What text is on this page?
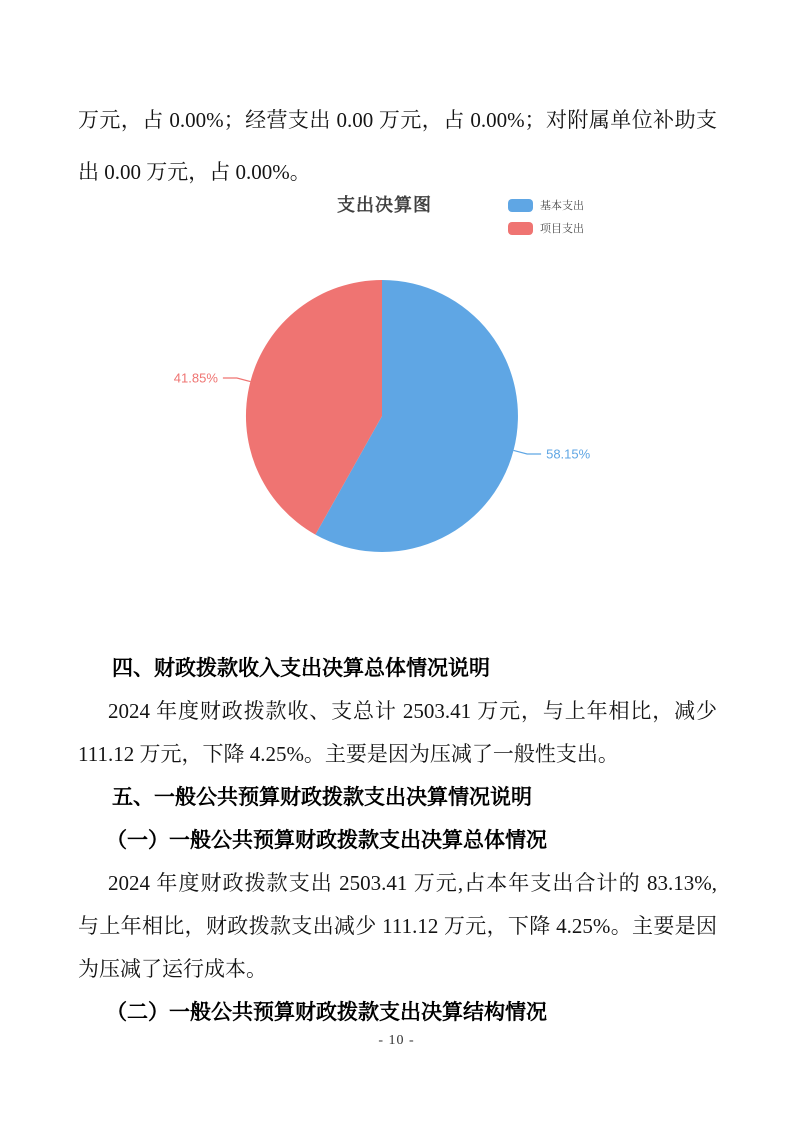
万元，占 0.00%；经营支出 0.00 万元，占 0.00%；对附属单位补助支
出 0.00 万元，占 0.00%。
支出决算图	基本支出
项目支出
58.15%
41.85%
四、财政拨款收入支出决算总体情况说明
2024 年度财政拨款收、支总计 2503.41 万元，与上年相比，减少
111.12 万元，下降 4.25%。主要是因为压减了一般性支出。
五、一般公共预算财政拨款支出决算情况说明
（一）一般公共预算财政拨款支出决算总体情况
2024 年度财政拨款支出 2503.41 万元,占本年支出合计的 83.13%,
与上年相比，财政拨款支出减少 111.12 万元，下降 4.25%。主要是因
为压减了运行成本。
（二）一般公共预算财政拨款支出决算结构情况
- 10 -
